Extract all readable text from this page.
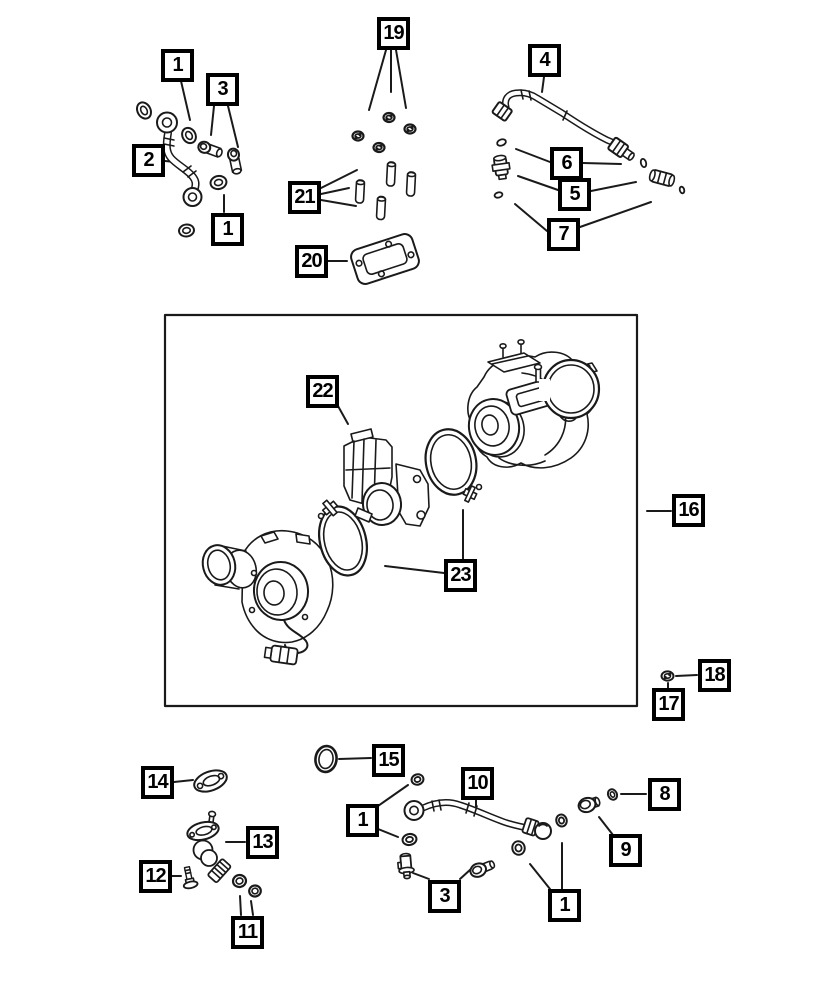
1
3
2
1
19
21
20
4
6
5
7
22
23
16
18
17
14
15
10
1
8
9
13
12
11
3	1
